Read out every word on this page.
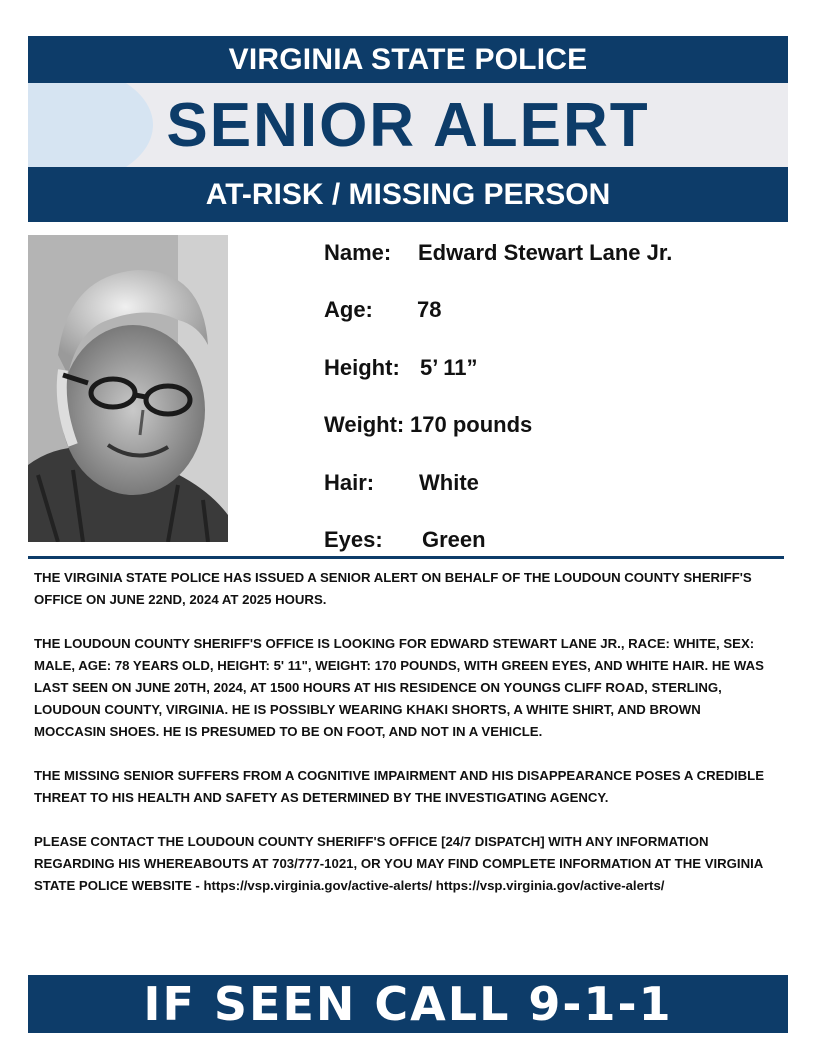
VIRGINIA STATE POLICE
SENIOR ALERT
AT-RISK / MISSING PERSON
Name: Edward Stewart Lane Jr.
Age: 78
Height: 5’ 11”
Weight: 170 pounds
Hair: White
Eyes: Green

THE VIRGINIA STATE POLICE HAS ISSUED A SENIOR ALERT ON BEHALF OF THE LOUDOUN COUNTY SHERIFF'S OFFICE ON JUNE 22ND, 2024 AT 2025 HOURS.

THE LOUDOUN COUNTY SHERIFF'S OFFICE IS LOOKING FOR EDWARD STEWART LANE JR., RACE: WHITE, SEX: MALE, AGE: 78 YEARS OLD, HEIGHT: 5' 11", WEIGHT: 170 POUNDS, WITH GREEN EYES, AND WHITE HAIR. HE WAS LAST SEEN ON JUNE 20TH, 2024, AT 1500 HOURS AT HIS RESIDENCE ON YOUNGS CLIFF ROAD, STERLING, LOUDOUN COUNTY, VIRGINIA. HE IS POSSIBLY WEARING KHAKI SHORTS, A WHITE SHIRT, AND BROWN MOCCASIN SHOES. HE IS PRESUMED TO BE ON FOOT, AND NOT IN A VEHICLE.

THE MISSING SENIOR SUFFERS FROM A COGNITIVE IMPAIRMENT AND HIS DISAPPEARANCE POSES A CREDIBLE THREAT TO HIS HEALTH AND SAFETY AS DETERMINED BY THE INVESTIGATING AGENCY.

PLEASE CONTACT THE LOUDOUN COUNTY SHERIFF'S OFFICE [24/7 DISPATCH] WITH ANY INFORMATION REGARDING HIS WHEREABOUTS AT 703/777-1021, OR YOU MAY FIND COMPLETE INFORMATION AT THE VIRGINIA STATE POLICE WEBSITE - https://vsp.virginia.gov/active-alerts/ https://vsp.virginia.gov/active-alerts/

IF SEEN CALL 9-1-1
